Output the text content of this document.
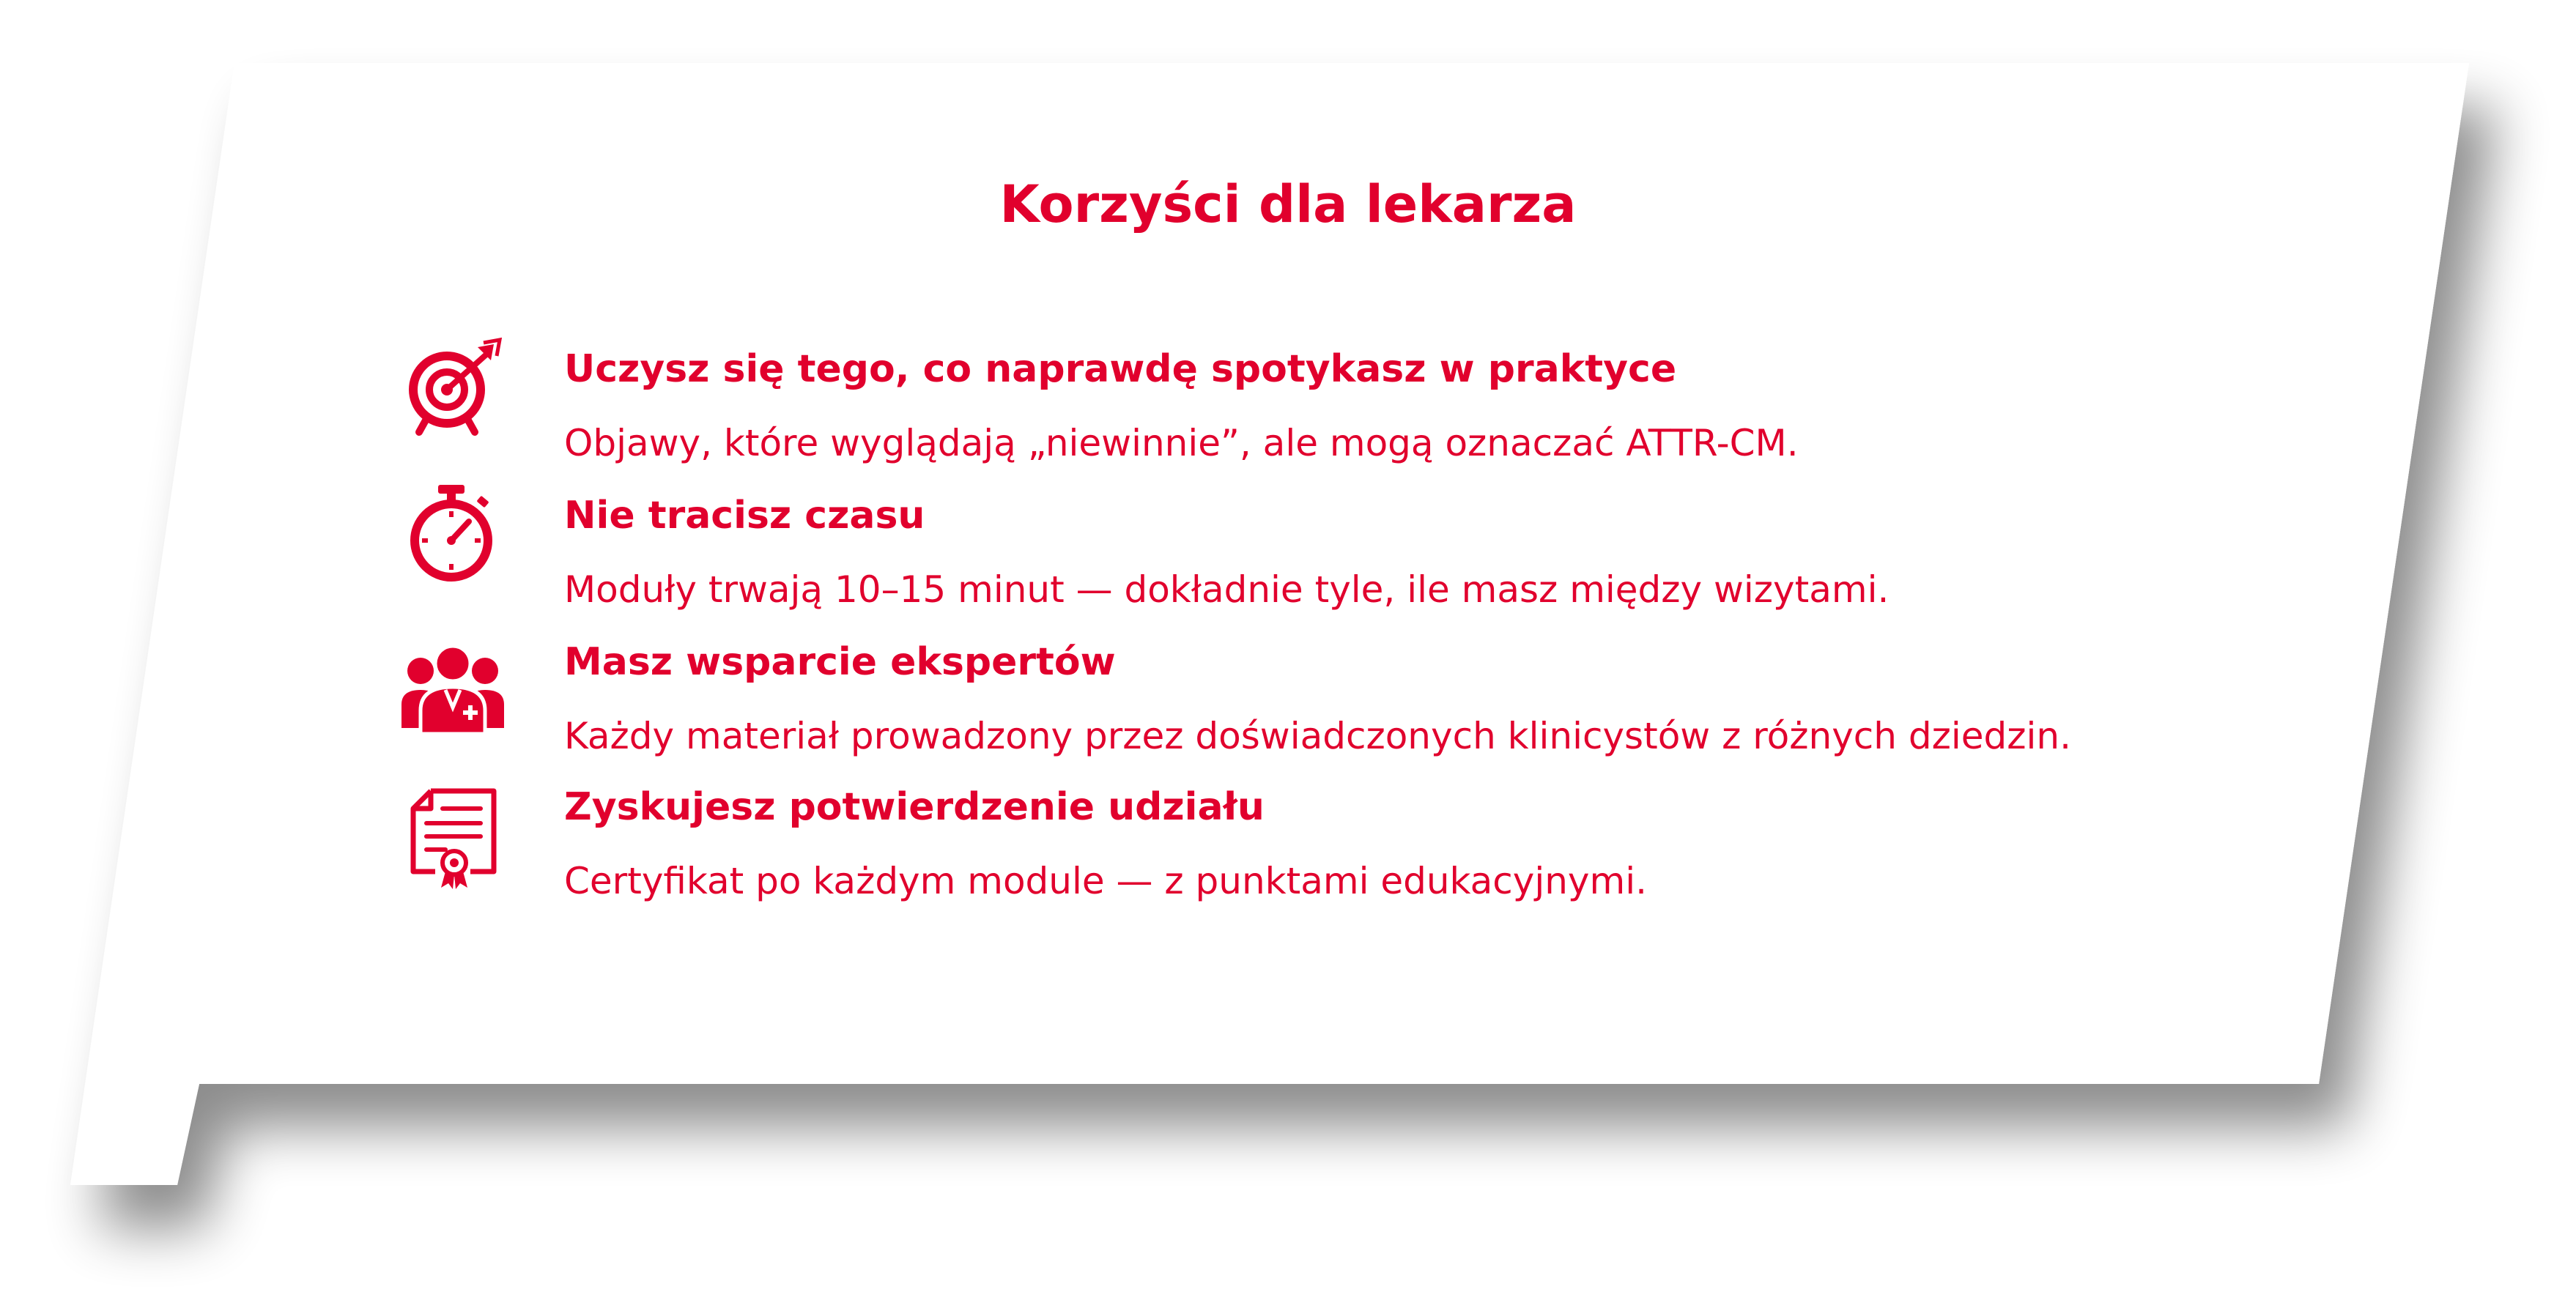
Korzyści dla lekarza
Uczysz się tego, co naprawdę spotykasz w praktyce
Objawy, które wyglądają „niewinnie”, ale mogą oznaczać ATTR-CM.
Nie tracisz czasu
Moduły trwają 10–15 minut — dokładnie tyle, ile masz między wizytami.
Masz wsparcie ekspertów
Każdy materiał prowadzony przez doświadczonych klinicystów z różnych dziedzin.
Zyskujesz potwierdzenie udziału
Certyfikat po każdym module — z punktami edukacyjnymi.
